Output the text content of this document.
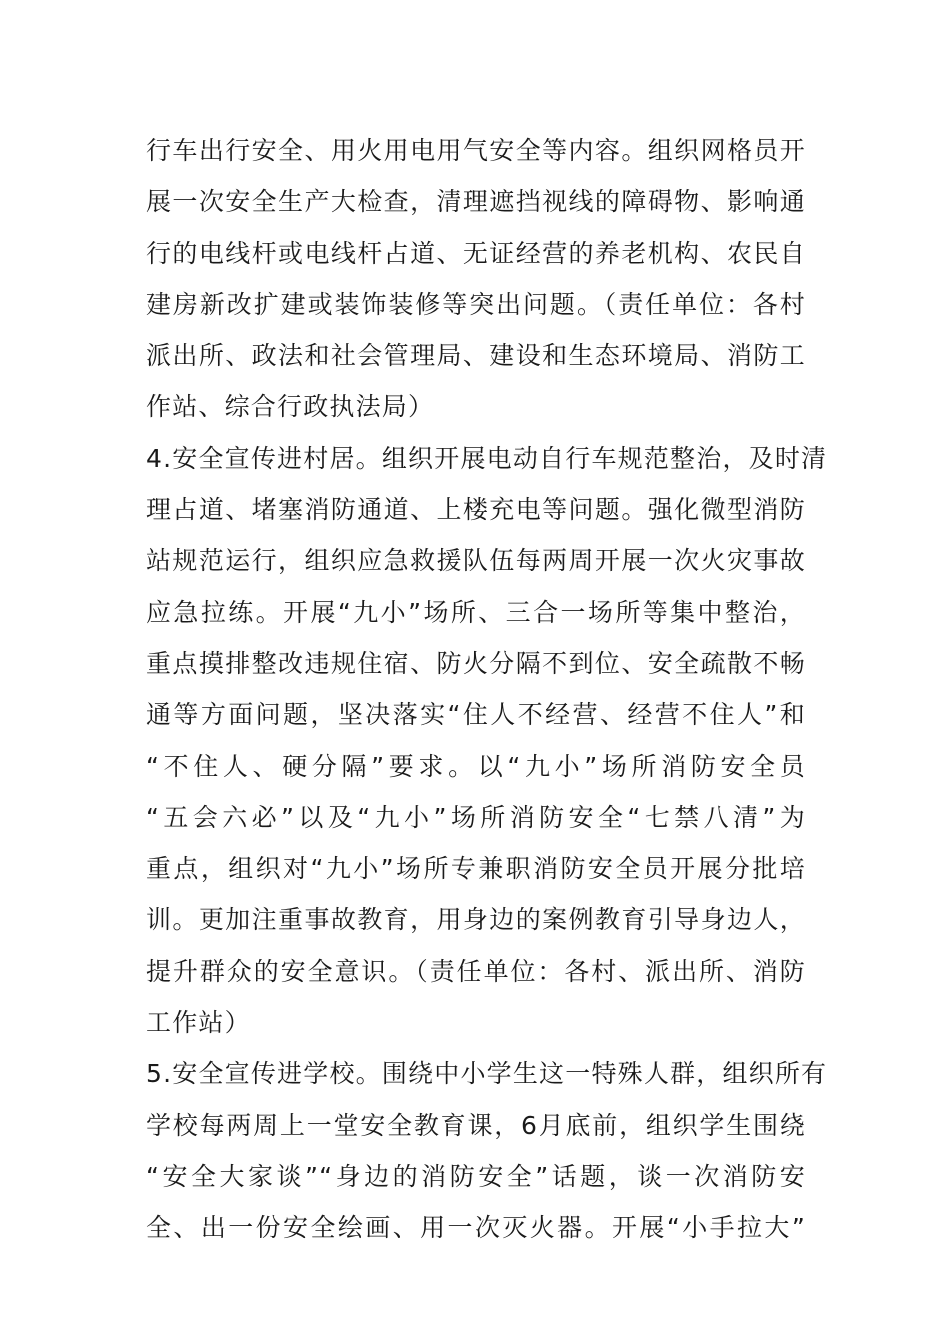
行车出行安全、用火用电用气安全等内容。组织网格员开
展一次安全生产大检查，清理遮挡视线的障碍物、影响通
行的电线杆或电线杆占道、无证经营的养老机构、农民自
建房新改扩建或装饰装修等突出问题。（责任单位：各村
派出所、政法和社会管理局、建设和生态环境局、消防工
作站、综合行政执法局）
4.安全宣传进村居。组织开展电动自行车规范整治，及时清
理占道、堵塞消防通道、上楼充电等问题。强化微型消防
站规范运行，组织应急救援队伍每两周开展一次火灾事故
应急拉练。开展“九小”场所、三合一场所等集中整治，
重点摸排整改违规住宿、防火分隔不到位、安全疏散不畅
通等方面问题，坚决落实“住人不经营、经营不住人”和
“不住人、硬分隔”要求。以“九小”场所消防安全员
“五会六必”以及“九小”场所消防安全“七禁八清”为
重点，组织对“九小”场所专兼职消防安全员开展分批培
训。更加注重事故教育，用身边的案例教育引导身边人，
提升群众的安全意识。（责任单位：各村、派出所、消防
工作站）
5.安全宣传进学校。围绕中小学生这一特殊人群，组织所有
学校每两周上一堂安全教育课，6月底前，组织学生围绕
“安全大家谈”“身边的消防安全”话题，谈一次消防安
全、出一份安全绘画、用一次灭火器。开展“小手拉大”
